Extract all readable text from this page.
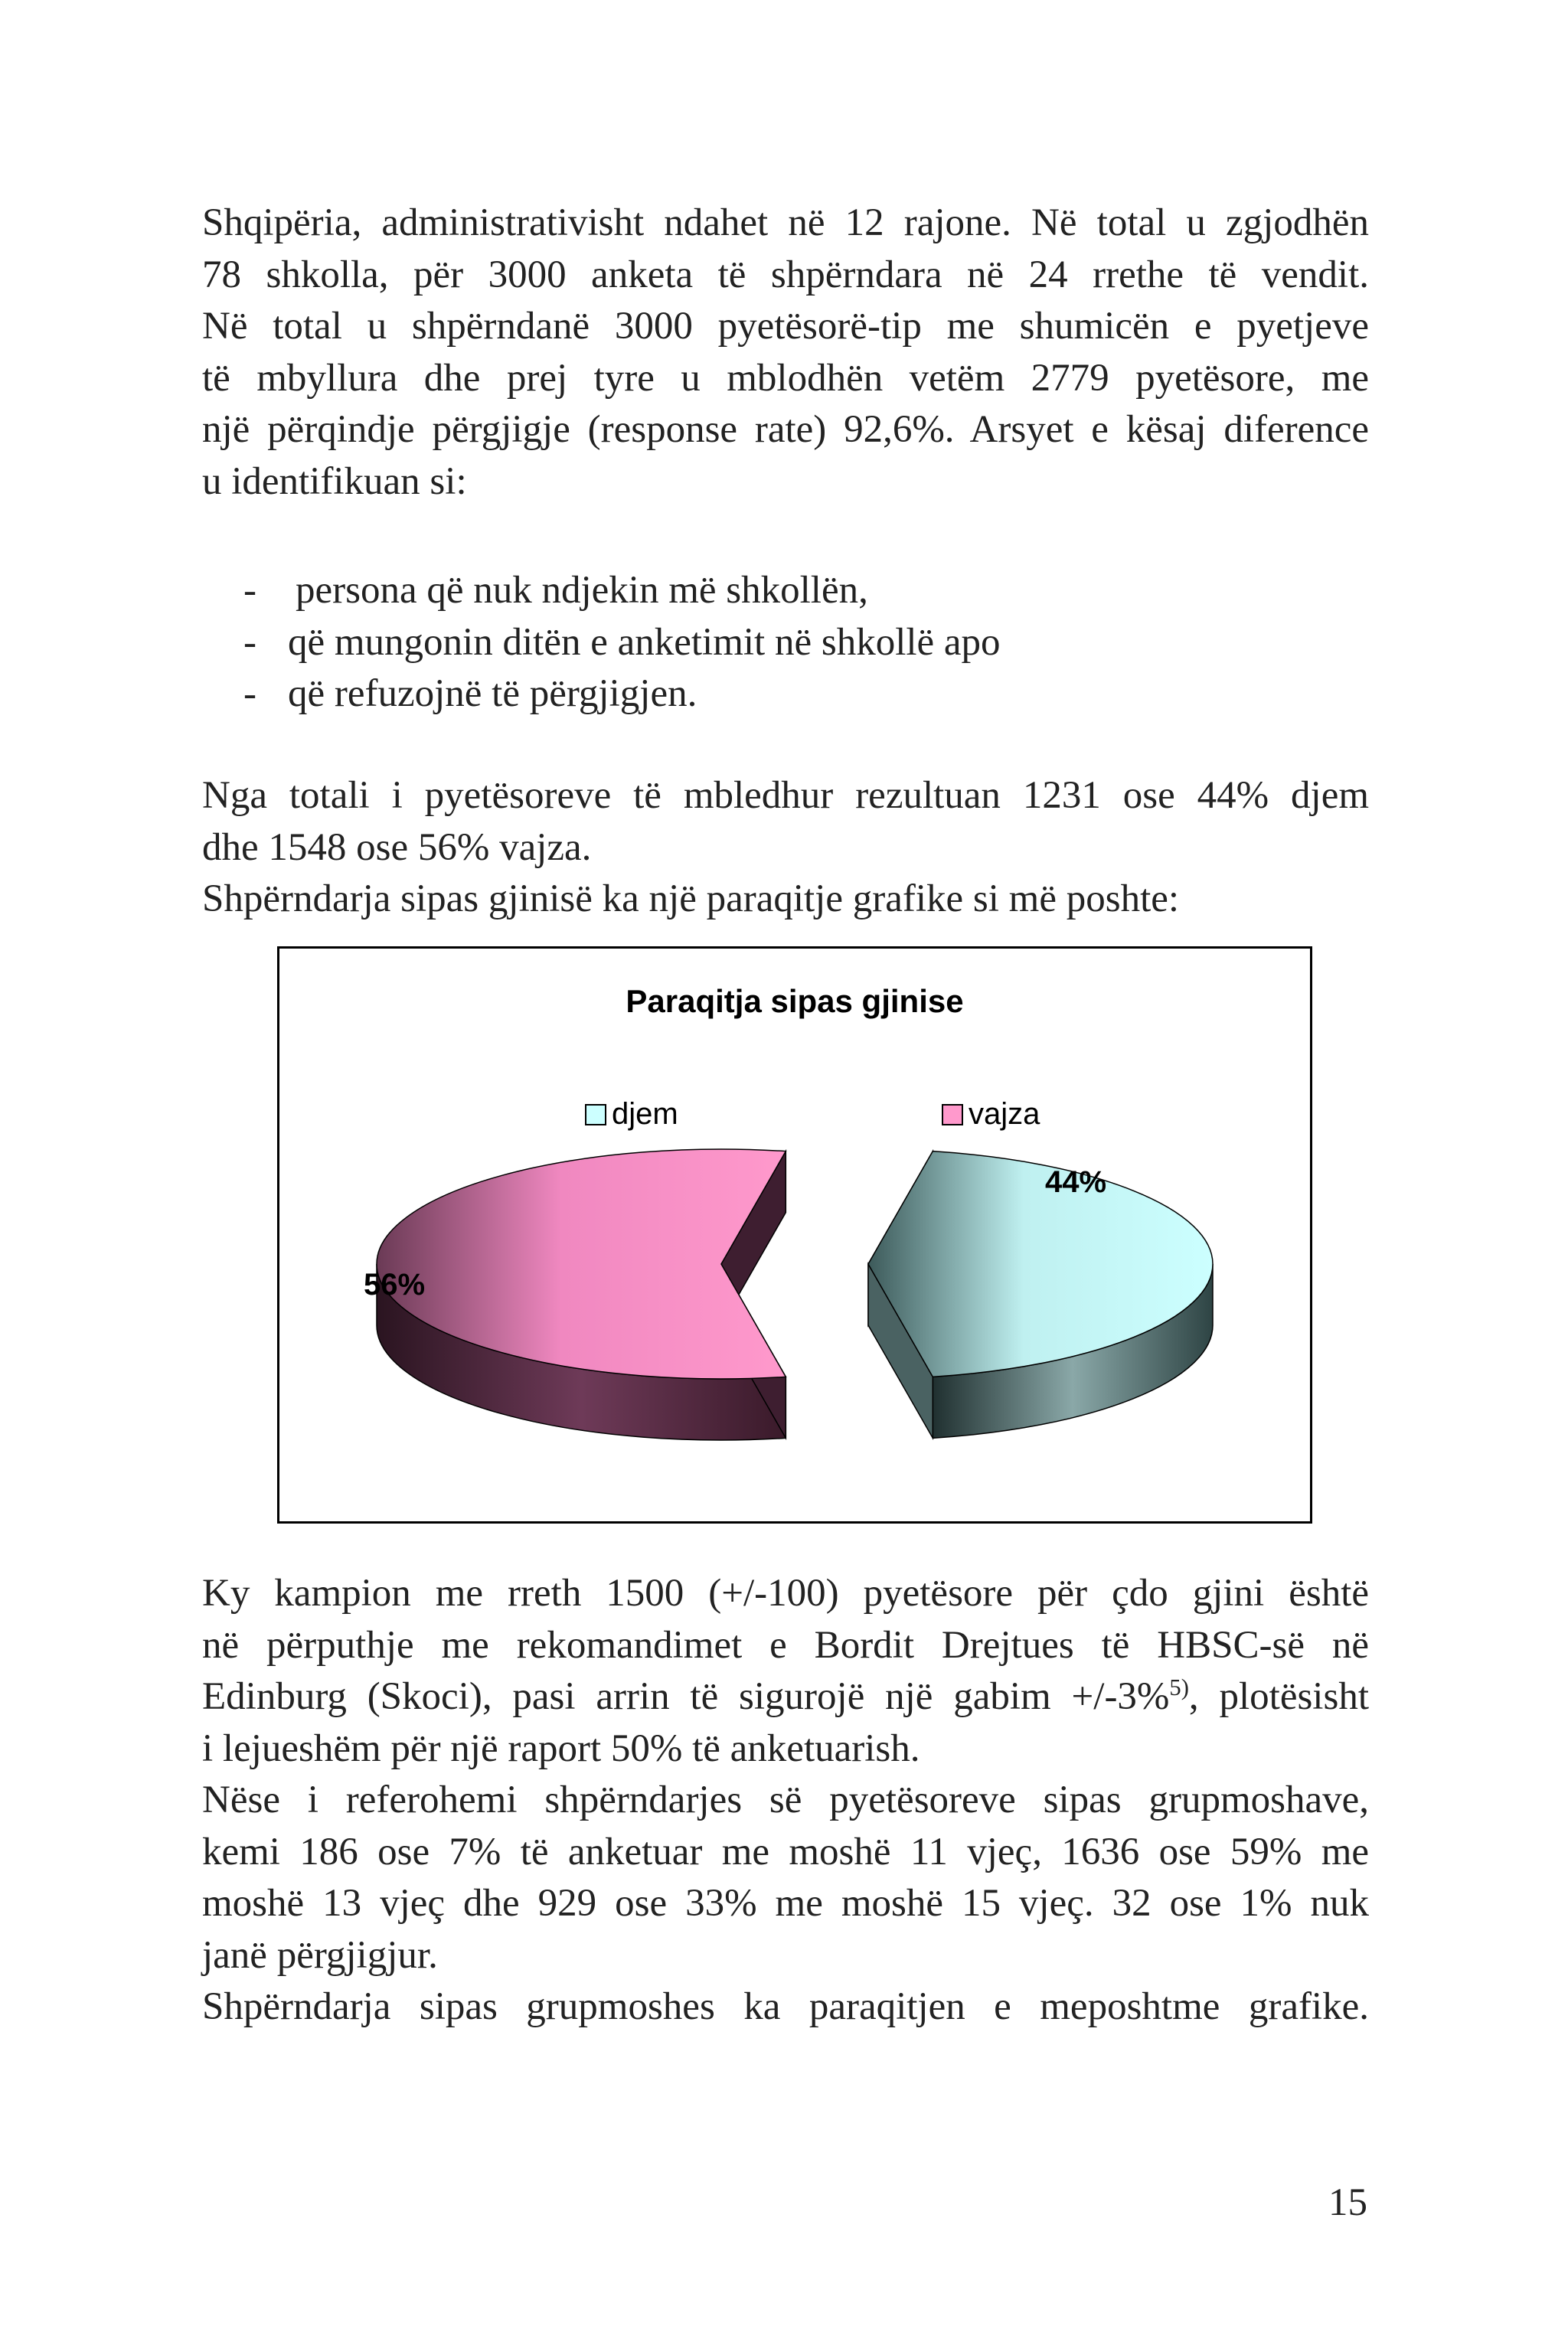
Shqipëria, administrativisht ndahet në 12 rajone. Në total u zgjodhën
78 shkolla, për 3000 anketa të shpërndara në 24 rrethe të vendit.
Në total u shpërndanë 3000 pyetësorë-tip me shumicën e pyetjeve
të mbyllura dhe prej tyre u mblodhën vetëm 2779 pyetësore, me
një përqindje përgjigje (response rate) 92,6%. Arsyet e kësaj diference
u identifikuan si:
- persona që nuk ndjekin më shkollën,
- që mungonin ditën e anketimit në shkollë apo
- që refuzojnë të përgjigjen.
Nga totali i pyetësoreve të mbledhur rezultuan 1231 ose 44% djem
dhe 1548 ose 56% vajza.
Shpërndarja sipas gjinisë ka një paraqitje grafike si më poshte:
Paraqitja sipas gjinise
djem	vajza
44%
56%
Ky kampion me rreth 1500 (+/-100) pyetësore për çdo gjini është
në përputhje me rekomandimet e Bordit Drejtues të HBSC-së në
Edinburg (Skoci), pasi arrin të sigurojë një gabim +/-3%$^{5)}$, plotësisht
i lejueshëm për një raport 50% të anketuarish.
Nëse i referohemi shpërndarjes së pyetësoreve sipas grupmoshave,
kemi 186 ose 7% të anketuar me moshë 11 vjeç, 1636 ose 59% me
moshë 13 vjeç dhe 929 ose 33% me moshë 15 vjeç. 32 ose 1% nuk
janë përgjigjur.
Shpërndarja sipas grupmoshes ka paraqitjen e meposhtme grafike.
15
